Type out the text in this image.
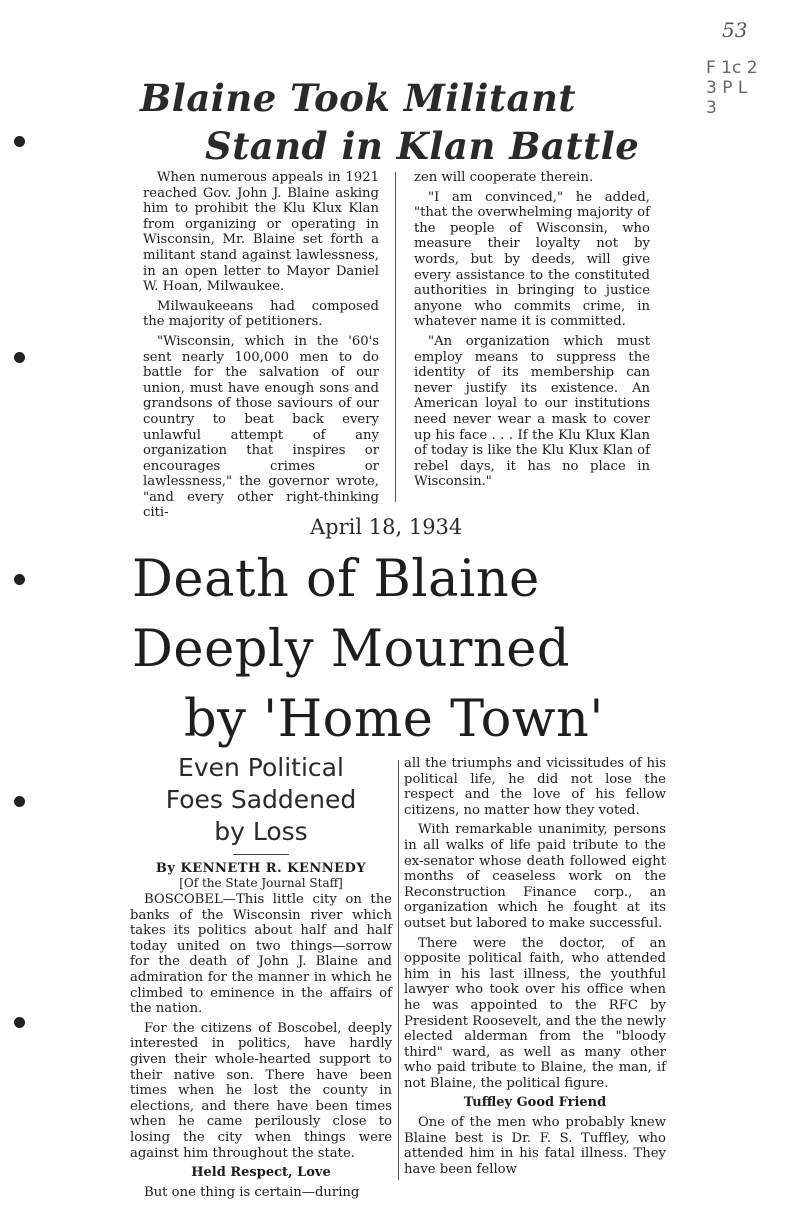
53
F 1c 2
3 P L
3
Blaine Took Militant
Stand in Klan Battle

When numerous appeals in 1921 reached Gov. John J. Blaine asking him to prohibit the Klu Klux Klan from organizing or operating in Wisconsin, Mr. Blaine set forth a militant stand against lawlessness, in an open letter to Mayor Daniel W. Hoan, Milwaukee.

Milwaukeeans had composed the majority of petitioners.

"Wisconsin, which in the '60's sent nearly 100,000 men to do battle for the salvation of our union, must have enough sons and grandsons of those saviours of our country to beat back every unlawful attempt of any organization that inspires or encourages crimes or lawlessness," the governor wrote, "and every other right-thinking citi-

zen will cooperate therein.

"I am convinced," he added, "that the overwhelming majority of the people of Wisconsin, who measure their loyalty not by words, but by deeds, will give every assistance to the constituted authorities in bringing to justice anyone who commits crime, in whatever name it is committed.

"An organization which must employ means to suppress the identity of its membership can never justify its existence. An American loyal to our institutions need never wear a mask to cover up his face . . . If the Klu Klux Klan of today is like the Klu Klux Klan of rebel days, it has no place in Wisconsin."

April 18, 1934
Death of Blaine
Deeply Mourned
by 'Home Town'
Even Political
Foes Saddened
by Loss
By KENNETH R. KENNEDY
[Of the State Journal Staff]

BOSCOBEL—This little city on the banks of the Wisconsin river which takes its politics about half and half today united on two things—sorrow for the death of John J. Blaine and admiration for the manner in which he climbed to eminence in the affairs of the nation.

For the citizens of Boscobel, deeply interested in politics, have hardly given their whole-hearted support to their native son. There have been times when he lost the county in elections, and there have been times when he came perilously close to losing the city when things were against him throughout the state.

Held Respect, Love

But one thing is certain—during

all the triumphs and vicissitudes of his political life, he did not lose the respect and the love of his fellow citizens, no matter how they voted.

With remarkable unanimity, persons in all walks of life paid tribute to the ex-senator whose death followed eight months of ceaseless work on the Reconstruction Finance corp., an organization which he fought at its outset but labored to make successful.

There were the doctor, of an opposite political faith, who attended him in his last illness, the youthful lawyer who took over his office when he was appointed to the RFC by President Roosevelt, and the the newly elected alderman from the "bloody third" ward, as well as many other who paid tribute to Blaine, the man, if not Blaine, the political figure.

Tuffley Good Friend

One of the men who probably knew Blaine best is Dr. F. S. Tuffley, who attended him in his fatal illness. They have been fellow
